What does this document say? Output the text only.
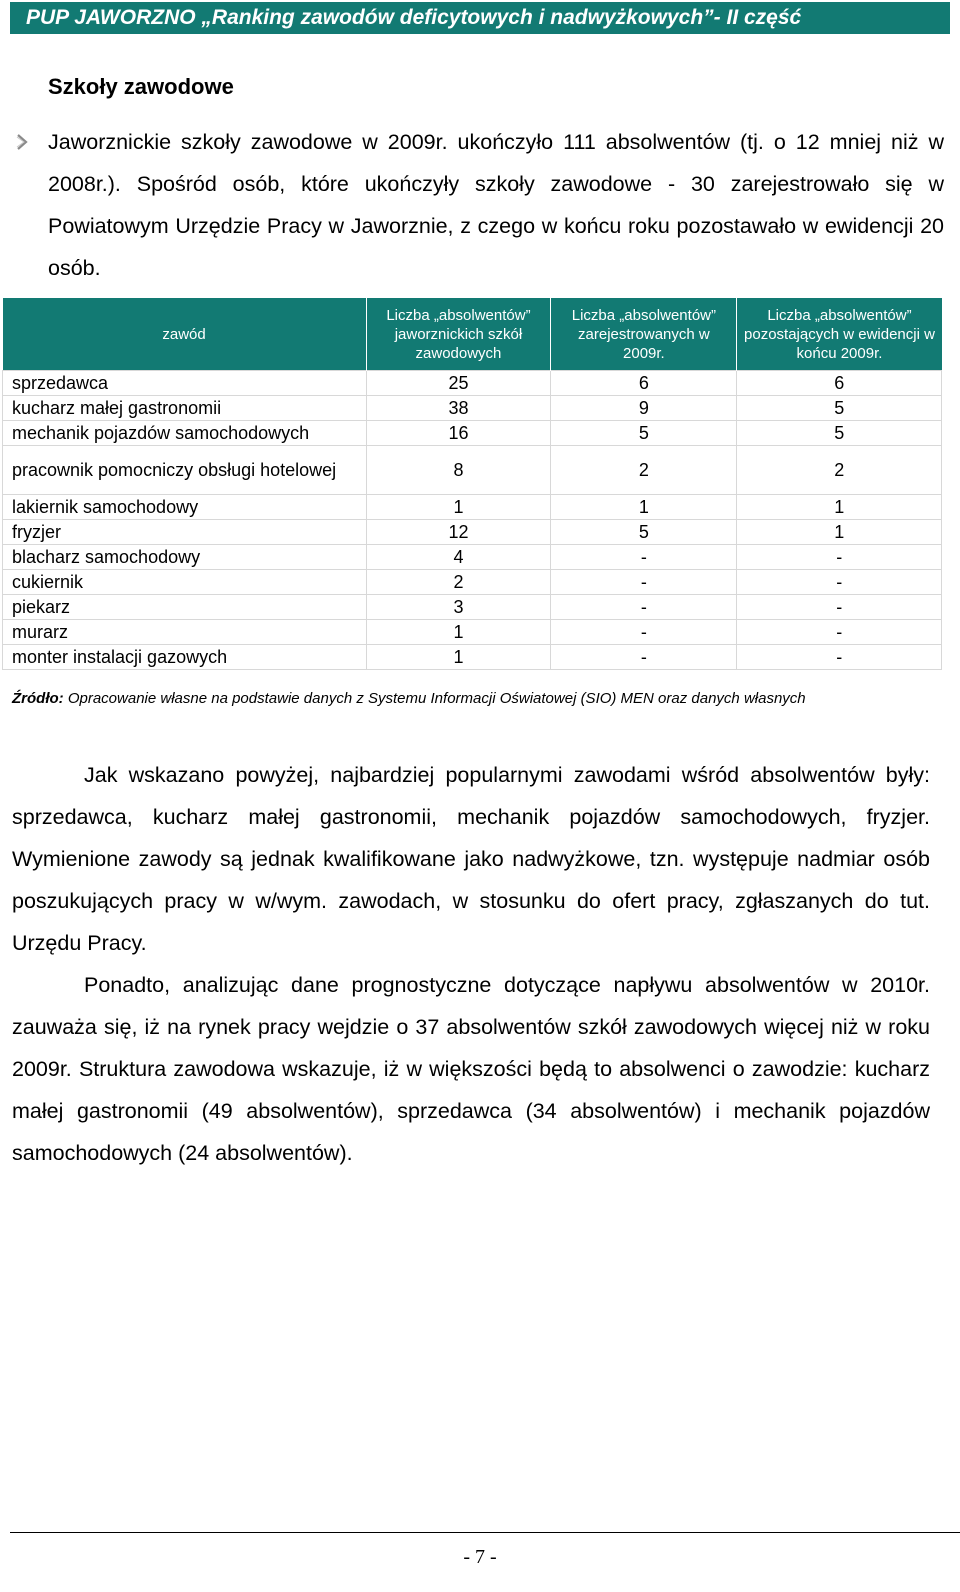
PUP JAWORZNO „Ranking zawodów deficytowych i nadwyżkowych”- II część
Szkoły zawodowe

Jaworznickie szkoły zawodowe w 2009r. ukończyło 111 absolwentów (tj. o 12 mniej niż w 2008r.). Spośród osób, które ukończyły szkoły zawodowe - 30 zarejestrowało się w Powiatowym Urzędzie Pracy w Jaworznie, z czego w końcu roku pozostawało w ewidencji 20 osób.

zawód	Liczba „absolwentów” jaworznickich szkół zawodowych	Liczba „absolwentów” zarejestrowanych w 2009r.	Liczba „absolwentów” pozostających w ewidencji w końcu 2009r.
sprzedawca	25	6	6
kucharz małej gastronomii	38	9	5
mechanik pojazdów samochodowych	16	5	5
pracownik pomocniczy obsługi hotelowej	8	2	2
lakiernik samochodowy	1	1	1
fryzjer	12	5	1
blacharz samochodowy	4	-	-
cukiernik	2	-	-
piekarz	3	-	-
murarz	1	-	-
monter instalacji gazowych	1	-	-
Źródło: Opracowanie własne na podstawie danych z Systemu Informacji Oświatowej (SIO) MEN oraz danych własnych

Jak wskazano powyżej, najbardziej popularnymi zawodami wśród absolwentów były: sprzedawca, kucharz małej gastronomii, mechanik pojazdów samochodowych, fryzjer. Wymienione zawody są jednak kwalifikowane jako nadwyżkowe, tzn. występuje nadmiar osób poszukujących pracy w w/wym. zawodach, w stosunku do ofert pracy, zgłaszanych do tut. Urzędu Pracy.

Ponadto, analizując dane prognostyczne dotyczące napływu absolwentów w 2010r. zauważa się, iż na rynek pracy wejdzie o 37 absolwentów szkół zawodowych więcej niż w roku 2009r. Struktura zawodowa wskazuje, iż w większości będą to absolwenci o zawodzie: kucharz małej gastronomii (49 absolwentów), sprzedawca (34 absolwentów) i mechanik pojazdów samochodowych (24 absolwentów).

- 7 -
